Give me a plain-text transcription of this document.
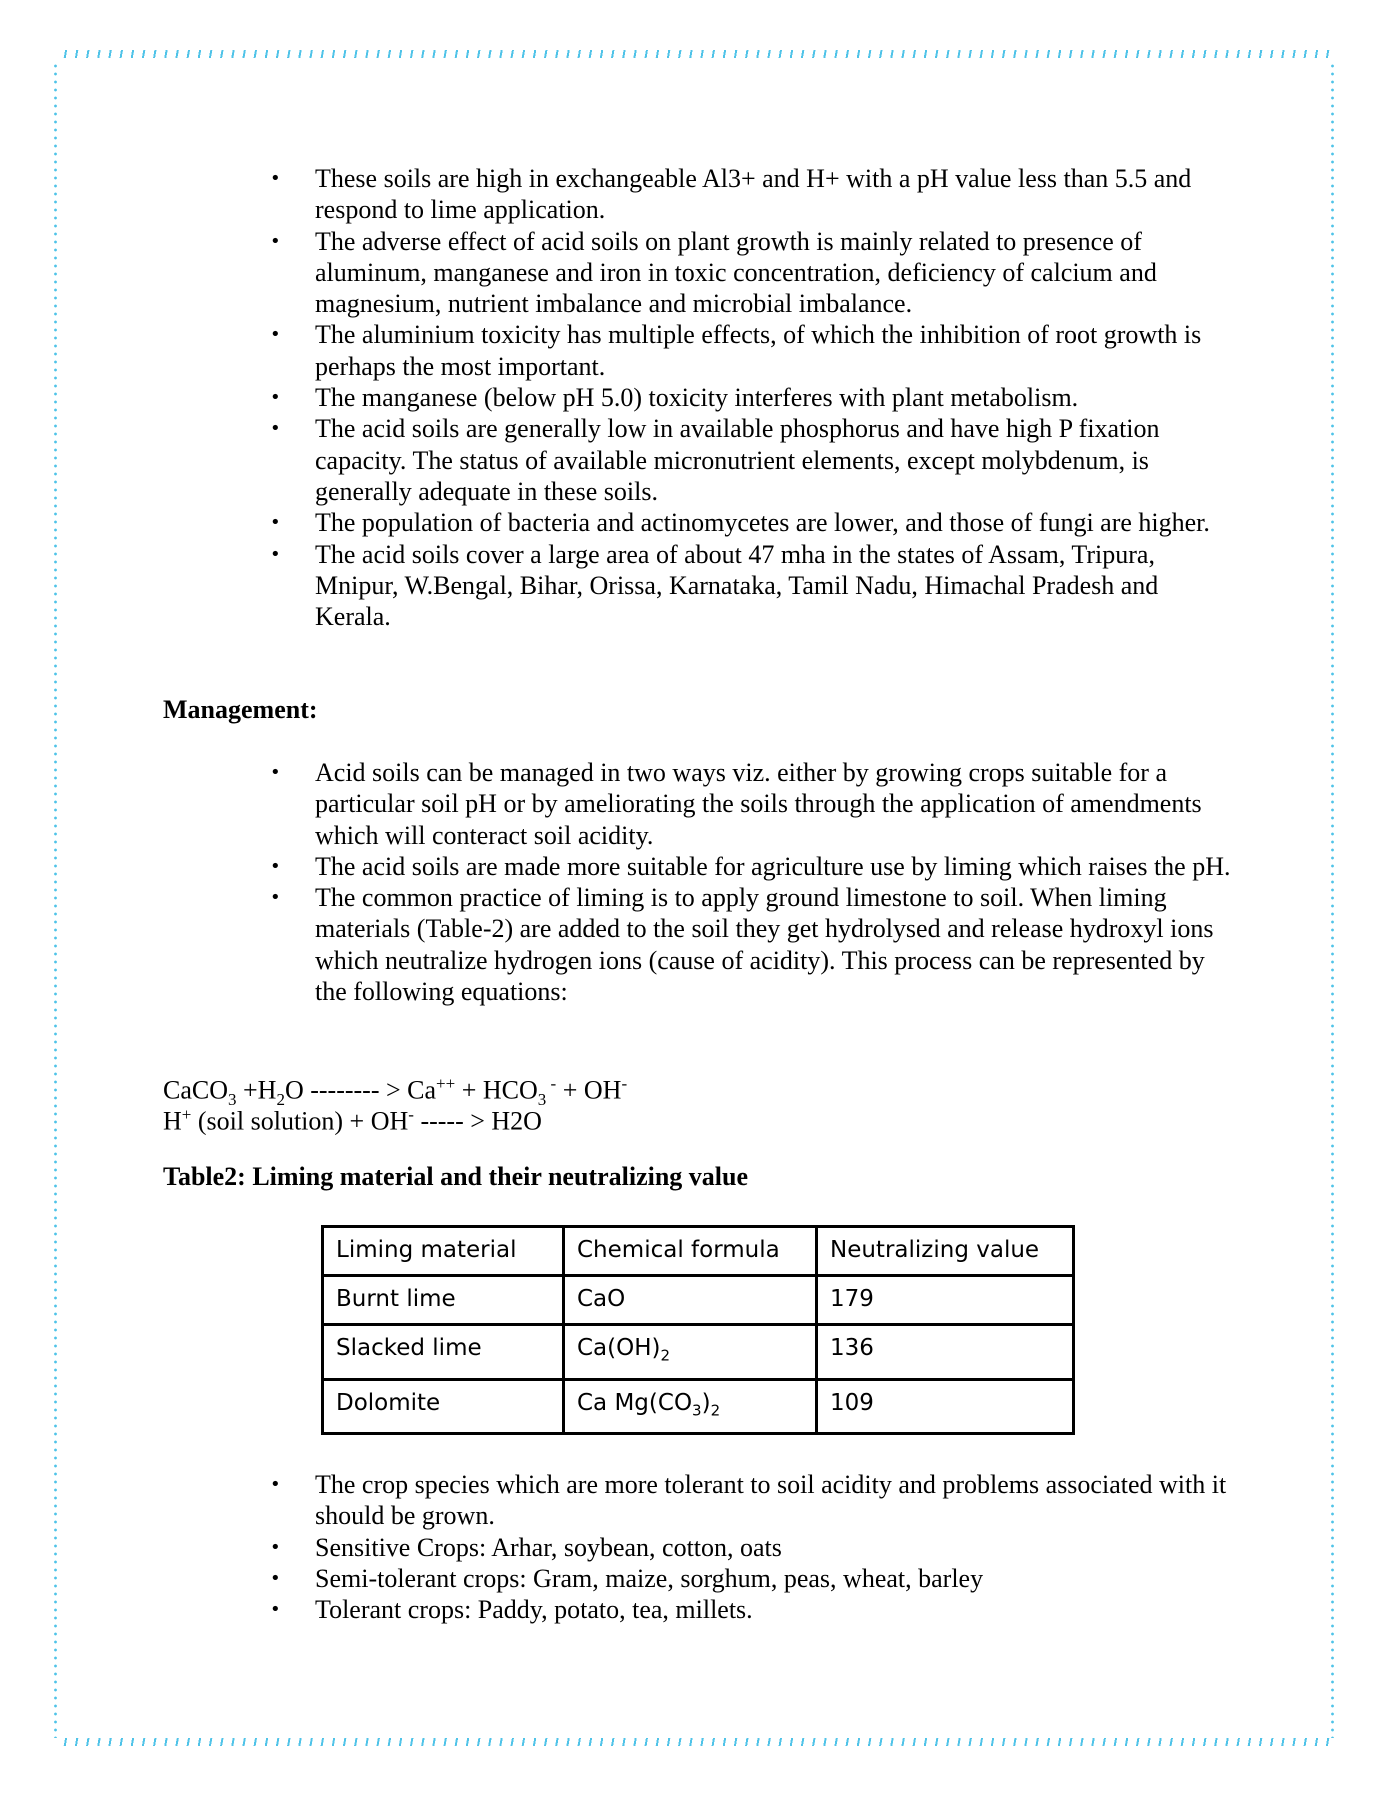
• These soils are high in exchangeable Al3+ and H+ with a pH value less than 5.5 and respond to lime application.
• The adverse effect of acid soils on plant growth is mainly related to presence of aluminum, manganese and iron in toxic concentration, deficiency of calcium and magnesium, nutrient imbalance and microbial imbalance.
• The aluminium toxicity has multiple effects, of which the inhibition of root growth is perhaps the most important.
• The manganese (below pH 5.0) toxicity interferes with plant metabolism.
• The acid soils are generally low in available phosphorus and have high P fixation capacity. The status of available micronutrient elements, except molybdenum, is generally adequate in these soils.
• The population of bacteria and actinomycetes are lower, and those of fungi are higher.
• The acid soils cover a large area of about 47 mha in the states of Assam, Tripura, Mnipur, W.Bengal, Bihar, Orissa, Karnataka, Tamil Nadu, Himachal Pradesh and Kerala.
Management:
• Acid soils can be managed in two ways viz. either by growing crops suitable for a particular soil pH or by ameliorating the soils through the application of amendments which will conteract soil acidity.
• The acid soils are made more suitable for agriculture use by liming which raises the pH.
• The common practice of liming is to apply ground limestone to soil. When liming materials (Table-2) are added to the soil they get hydrolysed and release hydroxyl ions which neutralize hydrogen ions (cause of acidity). This process can be represented by the following equations:
CaCO$_3$ $+H_2O$ -------- > $Ca^{++} + HCO_3$ - + OH-
H+ (soil solution) + OH- ----- > H2O
Table2: Liming material and their neutralizing value
Liming material	Chemical formula	Neutralizing value
Burnt lime	CaO	179
Slacked lime	$Ca(OH)_2$	136
Dolomite	Ca $Mg(CO_3)_2$	109
• The crop species which are more tolerant to soil acidity and problems associated with it should be grown.
• Sensitive Crops: Arhar, soybean, cotton, oats
• Semi-tolerant crops: Gram, maize, sorghum, peas, wheat, barley
• Tolerant crops: Paddy, potato, tea, millets.
